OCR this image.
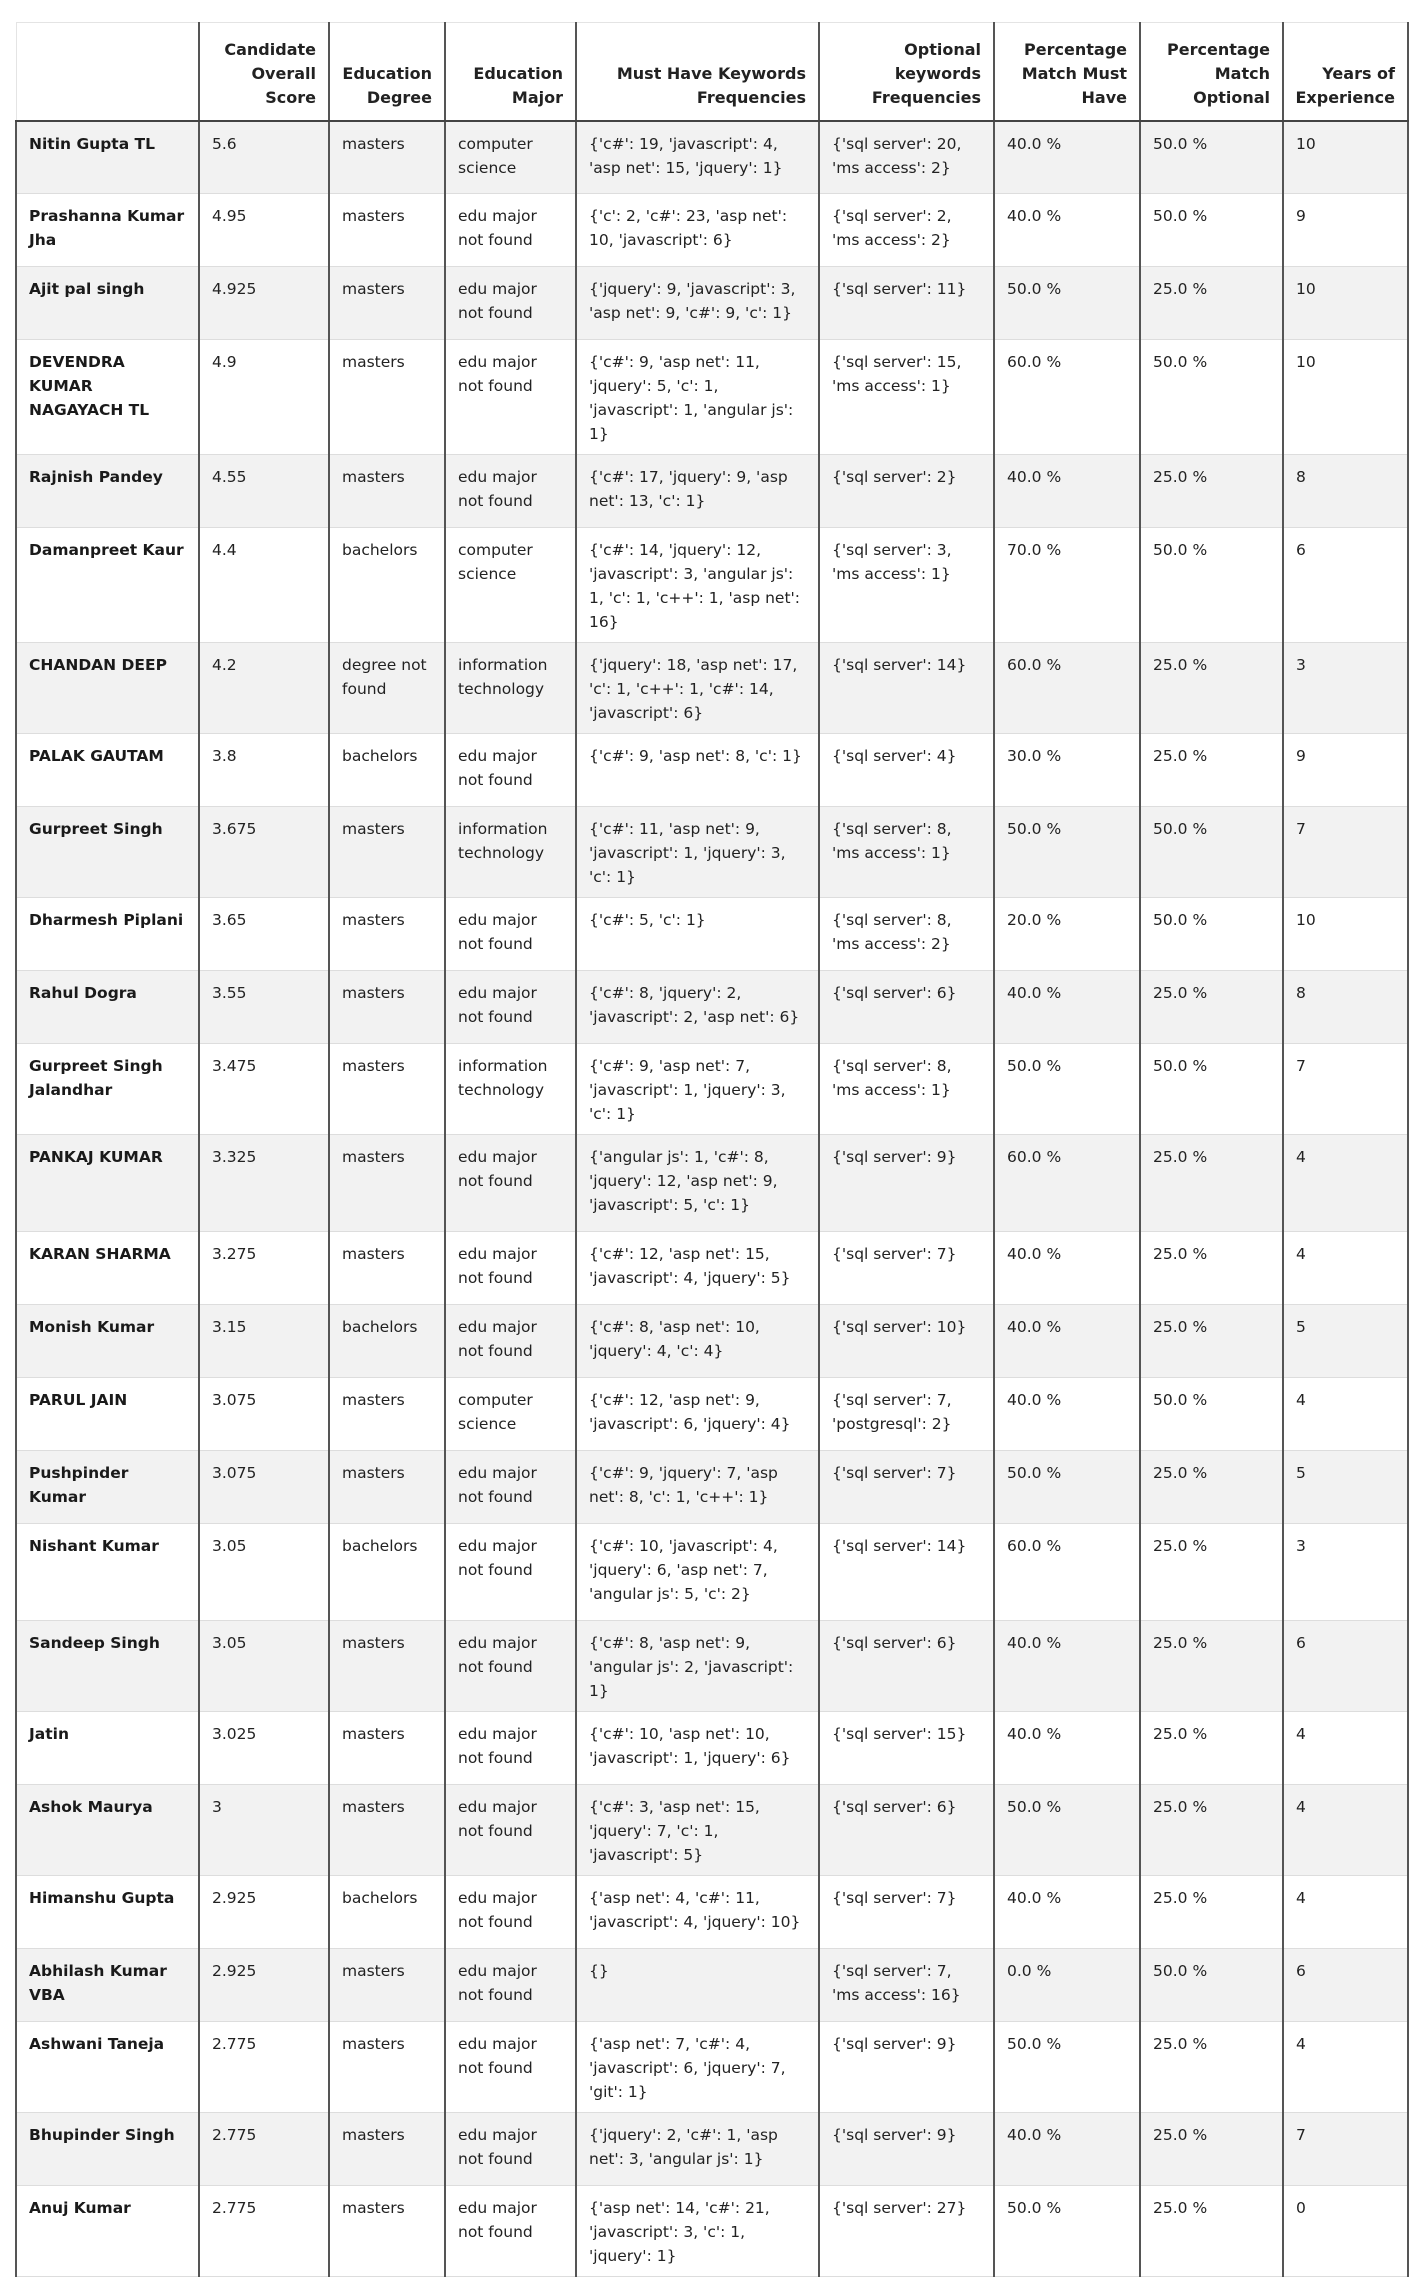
	Candidate Overall Score	Education Degree	Education Major	Must Have Keywords Frequencies	Optional keywords Frequencies	Percentage Match Must Have	Percentage Match Optional	Years of Experience
Nitin Gupta TL	5.6	masters	computer science	{'c#': 19, 'javascript': 4, 'asp net': 15, 'jquery': 1}	{'sql server': 20, 'ms access': 2}	40.0 %	50.0 %	10
Prashanna Kumar Jha	4.95	masters	edu major not found	{'c': 2, 'c#': 23, 'asp net': 10, 'javascript': 6}	{'sql server': 2, 'ms access': 2}	40.0 %	50.0 %	9
Ajit pal singh	4.925	masters	edu major not found	{'jquery': 9, 'javascript': 3, 'asp net': 9, 'c#': 9, 'c': 1}	{'sql server': 11}	50.0 %	25.0 %	10
DEVENDRA KUMAR NAGAYACH TL	4.9	masters	edu major not found	{'c#': 9, 'asp net': 11, 'jquery': 5, 'c': 1, 'javascript': 1, 'angular js': 1}	{'sql server': 15, 'ms access': 1}	60.0 %	50.0 %	10
Rajnish Pandey	4.55	masters	edu major not found	{'c#': 17, 'jquery': 9, 'asp net': 13, 'c': 1}	{'sql server': 2}	40.0 %	25.0 %	8
Damanpreet Kaur	4.4	bachelors	computer science	{'c#': 14, 'jquery': 12, 'javascript': 3, 'angular js': 1, 'c': 1, 'c++': 1, 'asp net': 16}	{'sql server': 3, 'ms access': 1}	70.0 %	50.0 %	6
CHANDAN DEEP	4.2	degree not found	information technology	{'jquery': 18, 'asp net': 17, 'c': 1, 'c++': 1, 'c#': 14, 'javascript': 6}	{'sql server': 14}	60.0 %	25.0 %	3
PALAK GAUTAM	3.8	bachelors	edu major not found	{'c#': 9, 'asp net': 8, 'c': 1}	{'sql server': 4}	30.0 %	25.0 %	9
Gurpreet Singh	3.675	masters	information technology	{'c#': 11, 'asp net': 9, 'javascript': 1, 'jquery': 3, 'c': 1}	{'sql server': 8, 'ms access': 1}	50.0 %	50.0 %	7
Dharmesh Piplani	3.65	masters	edu major not found	{'c#': 5, 'c': 1}	{'sql server': 8, 'ms access': 2}	20.0 %	50.0 %	10
Rahul Dogra	3.55	masters	edu major not found	{'c#': 8, 'jquery': 2, 'javascript': 2, 'asp net': 6}	{'sql server': 6}	40.0 %	25.0 %	8
Gurpreet Singh Jalandhar	3.475	masters	information technology	{'c#': 9, 'asp net': 7, 'javascript': 1, 'jquery': 3, 'c': 1}	{'sql server': 8, 'ms access': 1}	50.0 %	50.0 %	7
PANKAJ KUMAR	3.325	masters	edu major not found	{'angular js': 1, 'c#': 8, 'jquery': 12, 'asp net': 9, 'javascript': 5, 'c': 1}	{'sql server': 9}	60.0 %	25.0 %	4
KARAN SHARMA	3.275	masters	edu major not found	{'c#': 12, 'asp net': 15, 'javascript': 4, 'jquery': 5}	{'sql server': 7}	40.0 %	25.0 %	4
Monish Kumar	3.15	bachelors	edu major not found	{'c#': 8, 'asp net': 10, 'jquery': 4, 'c': 4}	{'sql server': 10}	40.0 %	25.0 %	5
PARUL JAIN	3.075	masters	computer science	{'c#': 12, 'asp net': 9, 'javascript': 6, 'jquery': 4}	{'sql server': 7, 'postgresql': 2}	40.0 %	50.0 %	4
Pushpinder Kumar	3.075	masters	edu major not found	{'c#': 9, 'jquery': 7, 'asp net': 8, 'c': 1, 'c++': 1}	{'sql server': 7}	50.0 %	25.0 %	5
Nishant Kumar	3.05	bachelors	edu major not found	{'c#': 10, 'javascript': 4, 'jquery': 6, 'asp net': 7, 'angular js': 5, 'c': 2}	{'sql server': 14}	60.0 %	25.0 %	3
Sandeep Singh	3.05	masters	edu major not found	{'c#': 8, 'asp net': 9, 'angular js': 2, 'javascript': 1}	{'sql server': 6}	40.0 %	25.0 %	6
Jatin	3.025	masters	edu major not found	{'c#': 10, 'asp net': 10, 'javascript': 1, 'jquery': 6}	{'sql server': 15}	40.0 %	25.0 %	4
Ashok Maurya	3	masters	edu major not found	{'c#': 3, 'asp net': 15, 'jquery': 7, 'c': 1, 'javascript': 5}	{'sql server': 6}	50.0 %	25.0 %	4
Himanshu Gupta	2.925	bachelors	edu major not found	{'asp net': 4, 'c#': 11, 'javascript': 4, 'jquery': 10}	{'sql server': 7}	40.0 %	25.0 %	4
Abhilash Kumar VBA	2.925	masters	edu major not found	{}	{'sql server': 7, 'ms access': 16}	0.0 %	50.0 %	6
Ashwani Taneja	2.775	masters	edu major not found	{'asp net': 7, 'c#': 4, 'javascript': 6, 'jquery': 7, 'git': 1}	{'sql server': 9}	50.0 %	25.0 %	4
Bhupinder Singh	2.775	masters	edu major not found	{'jquery': 2, 'c#': 1, 'asp net': 3, 'angular js': 1}	{'sql server': 9}	40.0 %	25.0 %	7
Anuj Kumar	2.775	masters	edu major not found	{'asp net': 14, 'c#': 21, 'javascript': 3, 'c': 1, 'jquery': 1}	{'sql server': 27}	50.0 %	25.0 %	0
